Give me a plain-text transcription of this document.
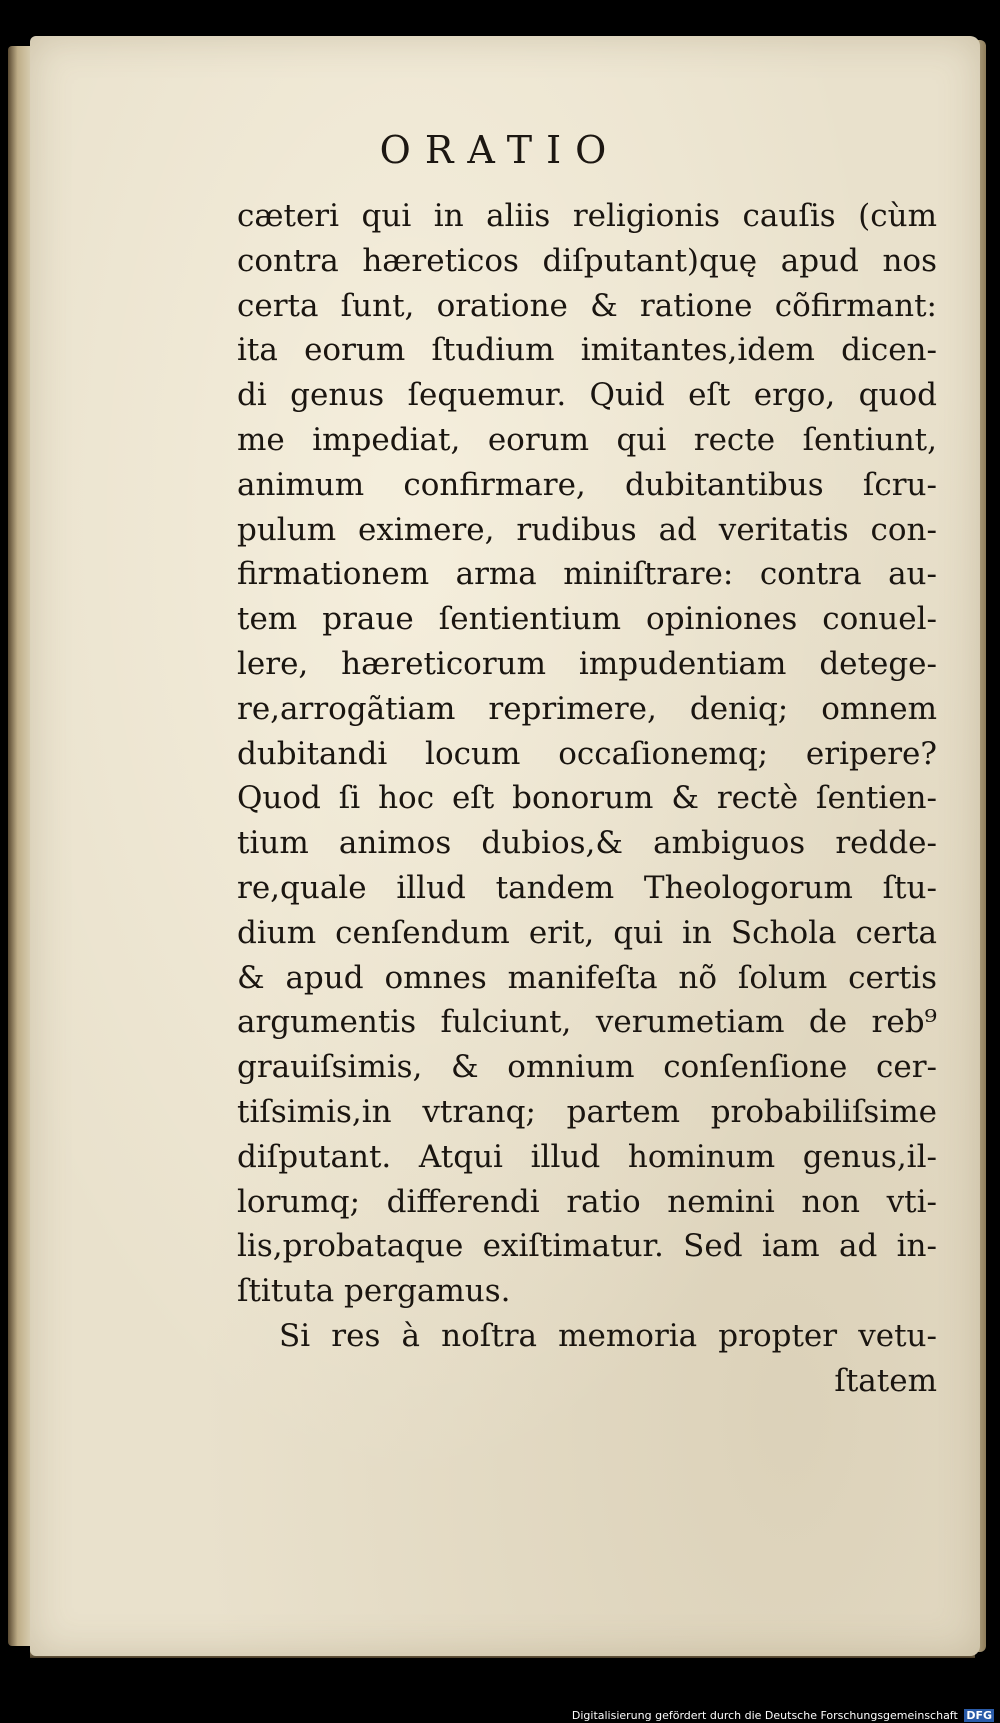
ORATIO
cæteri qui in aliis religionis cauſis (cùm
contra hæreticos diſputant)quę apud nos
certa ſunt, oratione & ratione cõfirmant:
ita eorum ſtudium imitantes,idem dicen-
di genus ſequemur. Quid eſt ergo, quod
me impediat, eorum qui recte ſentiunt,
animum confirmare, dubitantibus ſcru-
pulum eximere, rudibus ad veritatis con-
firmationem arma miniſtrare: contra au-
tem praue ſentientium opiniones conuel-
lere, hæreticorum impudentiam detege-
re,arrogãtiam reprimere, deniq; omnem
dubitandi locum occaſionemq; eripere?
Quod ſi hoc eſt bonorum & rectè ſentien-
tium animos dubios,& ambiguos redde-
re,quale illud tandem Theologorum ſtu-
dium cenſendum erit, qui in Schola certa
& apud omnes manifeſta nõ ſolum certis
argumentis fulciunt, verumetiam de reb⁹
grauiſsimis, & omnium conſenſione cer-
tiſsimis,in vtranq; partem probabiliſsime
diſputant. Atqui illud hominum genus,il-
lorumq; differendi ratio nemini non vti-
lis,probataque exiſtimatur. Sed iam ad in-
ſtituta pergamus.
Si res à noſtra memoria propter vetu-
ſtatem
Digitalisierung gefördert durch die Deutsche Forschungsgemeinschaft DFG
